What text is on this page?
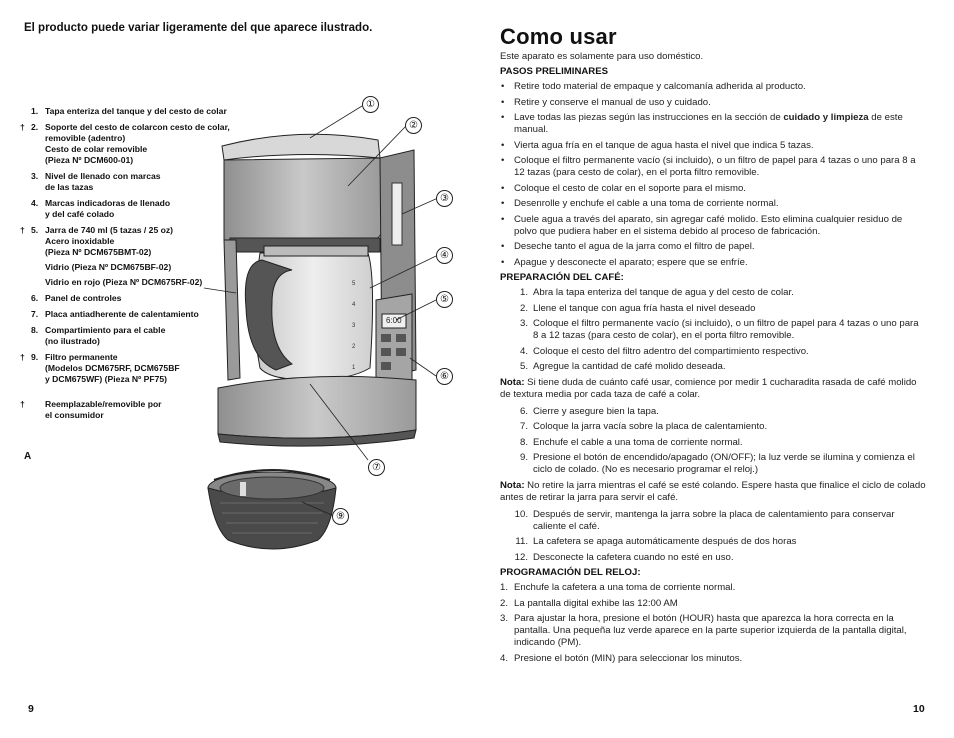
El producto puede variar ligeramente del que aparece ilustrado.
1. Tapa enteriza del tanque y del cesto de colar
† 2. Soporte del cesto de colarcon cesto de colar,
removible (adentro)
Cesto de colar removible
(Pieza Nº DCM600-01)
3. Nivel de llenado con marcas
de las tazas
4. Marcas indicadoras de llenado
y del café colado
† 5. Jarra de 740 ml (5 tazas / 25 oz)
Acero inoxidable
(Pieza Nº DCM675BMT-02)
Vidrio (Pieza Nº DCM675BF-02)
Vidrio en rojo (Pieza Nº DCM675RF-02)
6. Panel de controles
7. Placa antiadherente de calentamiento
8. Compartimiento para el cable
(no ilustrado)
† 9. Filtro permanente
(Modelos DCM675RF, DCM675BF
y DCM675WF) (Pieza Nº PF75)
† Reemplazable/removible por
el consumidor
A
①
②
③
④
⑤
⑥
⑦
⑨
5
4
3
2
1
6:00
9
Como usar
Este aparato es solamente para uso doméstico.
PASOS PRELIMINARES
• Retire todo material de empaque y calcomanía adherida al producto.
• Retire y conserve el manual de uso y cuidado.
• Lave todas las piezas según las instrucciones en la sección de cuidado y limpieza de este manual.
• Vierta agua fría en el tanque de agua hasta el nivel que indica 5 tazas.
• Coloque el filtro permanente vacío (si incluido), o un filtro de papel para 4 tazas o uno para 8 a 12 tazas (para cesto de colar), en el porta filtro removible.
• Coloque el cesto de colar en el soporte para el mismo.
• Desenrolle y enchufe el cable a una toma de corriente normal.
• Cuele agua a través del aparato, sin agregar café molido. Esto elimina cualquier residuo de polvo que pudiera haber en el sistema debido al proceso de fabricación.
• Deseche tanto el agua de la jarra como el filtro de papel.
• Apague y desconecte el aparato; espere que se enfríe.
PREPARACIÓN DEL CAFÉ:
1. Abra la tapa enteriza del tanque de agua y del cesto de colar.
2. Llene el tanque con agua fría hasta el nivel deseado
3. Coloque el filtro permanente vacío (si incluido), o un filtro de papel para 4 tazas o uno para 8 a 12 tazas (para cesto de colar), en el porta filtro removible.
4. Coloque el cesto del filtro adentro del compartimiento respectivo.
5. Agregue la cantidad de café molido deseada.
Nota: Si tiene duda de cuánto café usar, comience por medir 1 cucharadita rasada de café molido de textura media por cada taza de café a colar.
6. Cierre y asegure bien la tapa.
7. Coloque la jarra vacía sobre la placa de calentamiento.
8. Enchufe el cable a una toma de corriente normal.
9. Presione el botón de encendido/apagado (ON/OFF); la luz verde se ilumina y comienza el ciclo de colado. (No es necesario programar el reloj.)
Nota: No retire la jarra mientras el café se esté colando. Espere hasta que finalice el ciclo de colado antes de retirar la jarra para servir el café.
10. Después de servir, mantenga la jarra sobre la placa de calentamiento para conservar caliente el café.
11. La cafetera se apaga automáticamente después de dos horas
12. Desconecte la cafetera cuando no esté en uso.
PROGRAMACIÓN DEL RELOJ:
1. Enchufe la cafetera a una toma de corriente normal.
2. La pantalla digital exhibe las 12:00 AM
3. Para ajustar la hora, presione el botón (HOUR) hasta que aparezca la hora correcta en la pantalla. Una pequeña luz verde aparece en la parte superior izquierda de la pantalla digital, indicando (PM).
4. Presione el botón (MIN) para seleccionar los minutos.
10
